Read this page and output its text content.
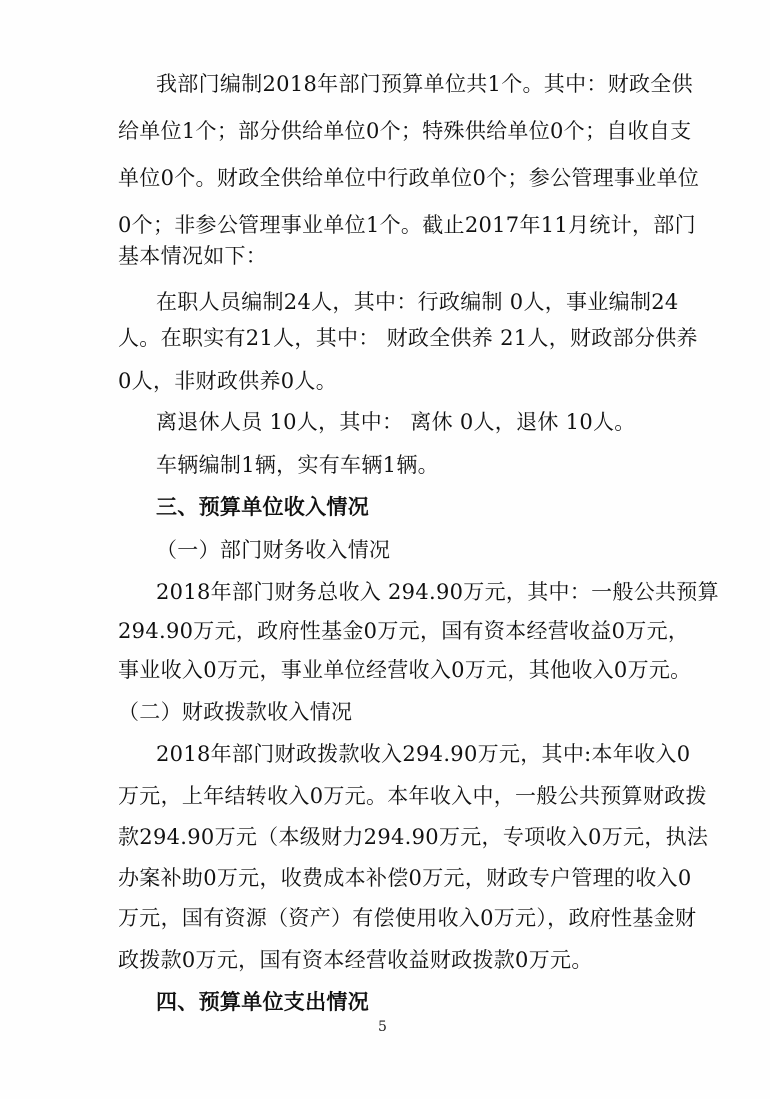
我部门编制2018年部门预算单位共1个。其中：财政全供
给单位1个；部分供给单位0个；特殊供给单位0个；自收自支
单位0个。财政全供给单位中行政单位0个；参公管理事业单位
0个；非参公管理事业单位1个。截止2017年11月统计，部门
基本情况如下：
在职人员编制24人，其中：行政编制 0人，事业编制24
人。在职实有21人，其中： 财政全供养 21人，财政部分供养
0人，非财政供养0人。
离退休人员 10人，其中： 离休 0人，退休 10人。
车辆编制1辆，实有车辆1辆。
三、预算单位收入情况
（一）部门财务收入情况
2018年部门财务总收入 294.90万元，其中：一般公共预算
294.90万元，政府性基金0万元，国有资本经营收益0万元，
事业收入0万元，事业单位经营收入0万元，其他收入0万元。
（二）财政拨款收入情况
2018年部门财政拨款收入294.90万元，其中:本年收入0
万元，上年结转收入0万元。本年收入中，一般公共预算财政拨
款294.90万元（本级财力294.90万元，专项收入0万元，执法
办案补助0万元，收费成本补偿0万元，财政专户管理的收入0
万元，国有资源（资产）有偿使用收入0万元），政府性基金财
政拨款0万元，国有资本经营收益财政拨款0万元。
四、预算单位支出情况
5
